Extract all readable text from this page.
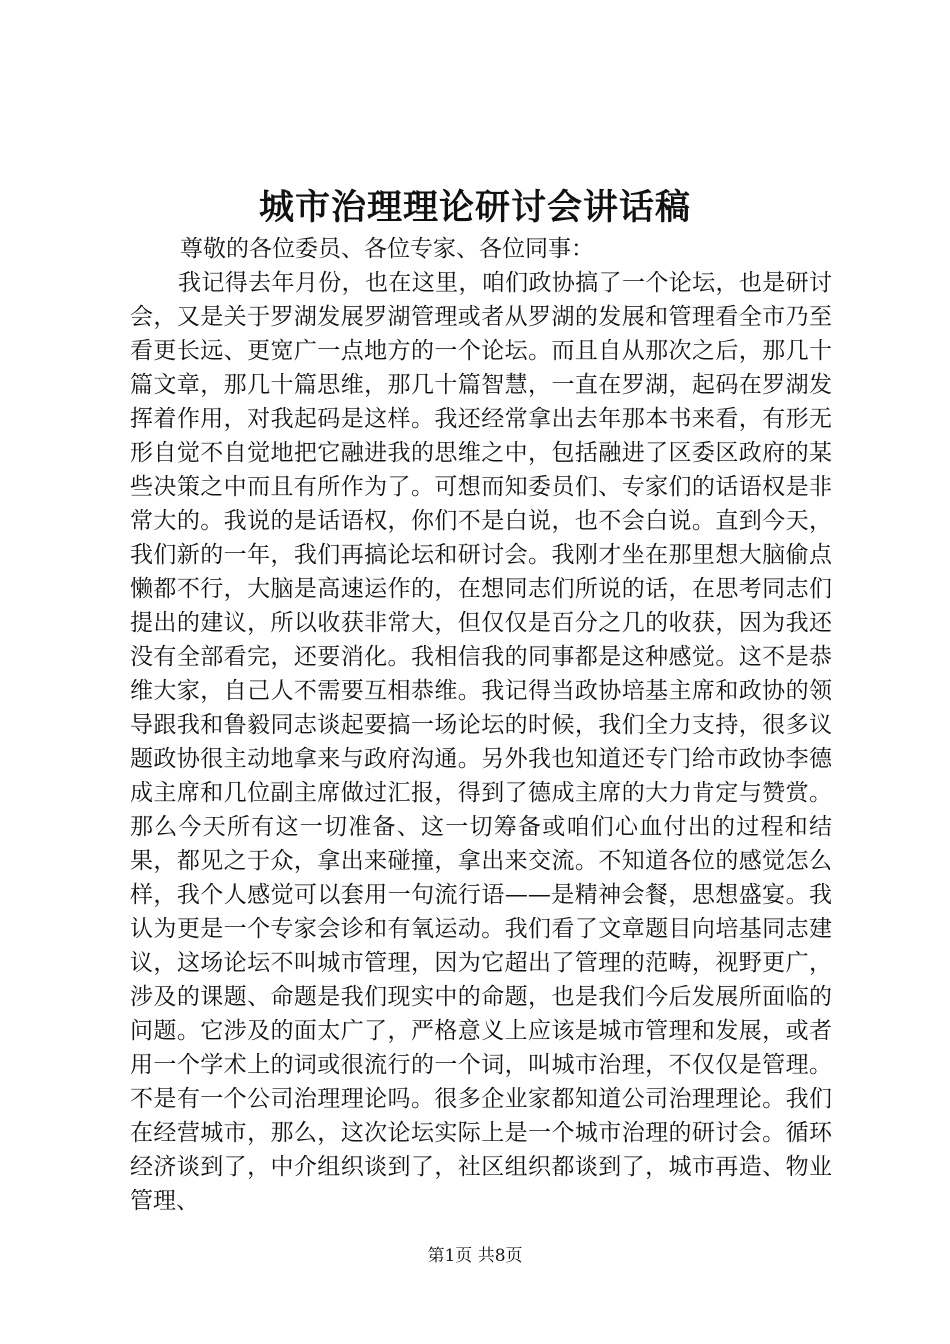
城市治理理论研讨会讲话稿

尊敬的各位委员、各位专家、各位同事：

我记得去年月份，也在这里，咱们政协搞了一个论坛，也是研讨会，又是关于罗湖发展罗湖管理或者从罗湖的发展和管理看全市乃至看更长远、更宽广一点地方的一个论坛。而且自从那次之后，那几十篇文章，那几十篇思维，那几十篇智慧，一直在罗湖，起码在罗湖发挥着作用，对我起码是这样。我还经常拿出去年那本书来看，有形无形自觉不自觉地把它融进我的思维之中，包括融进了区委区政府的某些决策之中而且有所作为了。可想而知委员们、专家们的话语权是非常大的。我说的是话语权，你们不是白说，也不会白说。直到今天，我们新的一年，我们再搞论坛和研讨会。我刚才坐在那里想大脑偷点懒都不行，大脑是高速运作的，在想同志们所说的话，在思考同志们提出的建议，所以收获非常大，但仅仅是百分之几的收获，因为我还没有全部看完，还要消化。我相信我的同事都是这种感觉。这不是恭维大家，自己人不需要互相恭维。我记得当政协培基主席和政协的领导跟我和鲁毅同志谈起要搞一场论坛的时候，我们全力支持，很多议题政协很主动地拿来与政府沟通。另外我也知道还专门给市政协李德成主席和几位副主席做过汇报，得到了德成主席的大力肯定与赞赏。那么今天所有这一切准备、这一切筹备或咱们心血付出的过程和结果，都见之于众，拿出来碰撞，拿出来交流。不知道各位的感觉怎么样，我个人感觉可以套用一句流行语——是精神会餐，思想盛宴。我认为更是一个专家会诊和有氧运动。我们看了文章题目向培基同志建议，这场论坛不叫城市管理，因为它超出了管理的范畴，视野更广，涉及的课题、命题是我们现实中的命题，也是我们今后发展所面临的问题。它涉及的面太广了，严格意义上应该是城市管理和发展，或者用一个学术上的词或很流行的一个词，叫城市治理，不仅仅是管理。不是有一个公司治理理论吗。很多企业家都知道公司治理理论。我们在经营城市，那么，这次论坛实际上是一个城市治理的研讨会。循环经济谈到了，中介组织谈到了，社区组织都谈到了，城市再造、物业管理、

第1页 共8页
